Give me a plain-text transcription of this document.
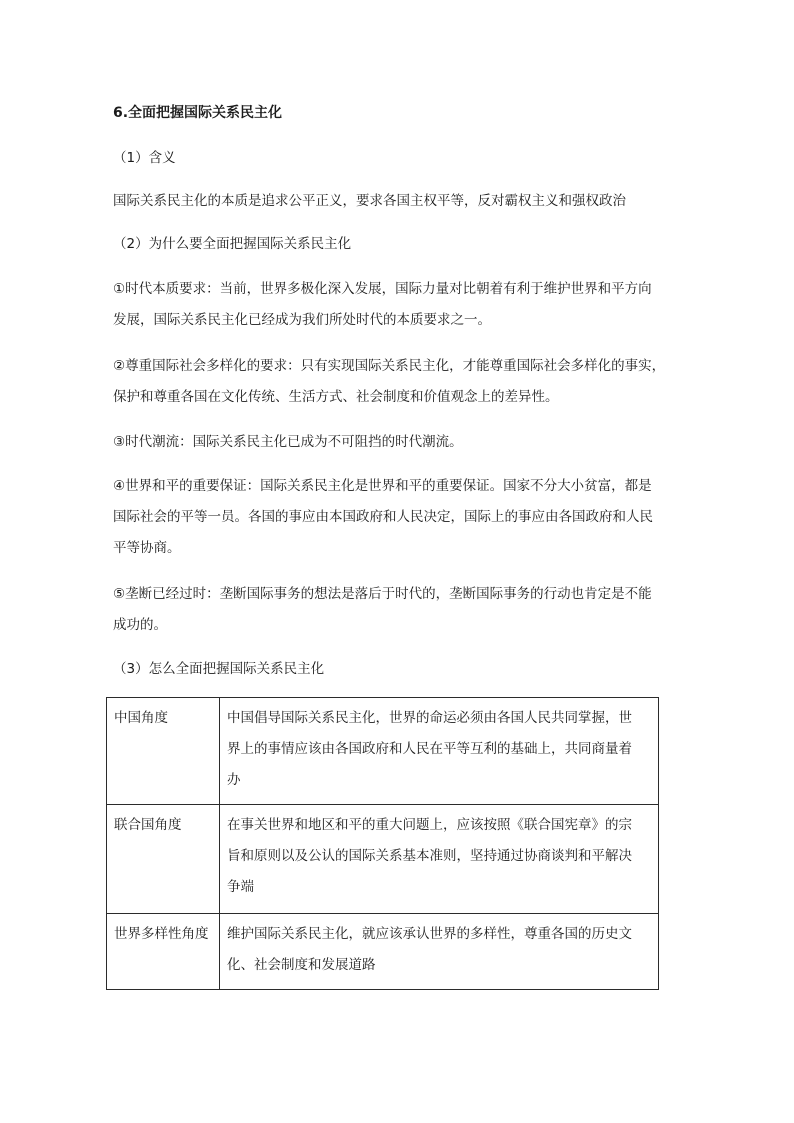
6.全面把握国际关系民主化
（1）含义
国际关系民主化的本质是追求公平正义，要求各国主权平等，反对霸权主义和强权政治
（2）为什么要全面把握国际关系民主化
①时代本质要求：当前，世界多极化深入发展，国际力量对比朝着有利于维护世界和平方向
发展，国际关系民主化已经成为我们所处时代的本质要求之一。
②尊重国际社会多样化的要求：只有实现国际关系民主化，才能尊重国际社会多样化的事实，
保护和尊重各国在文化传统、生活方式、社会制度和价值观念上的差异性。
③时代潮流：国际关系民主化已成为不可阻挡的时代潮流。
④世界和平的重要保证：国际关系民主化是世界和平的重要保证。国家不分大小贫富，都是
国际社会的平等一员。各国的事应由本国政府和人民决定，国际上的事应由各国政府和人民
平等协商。
⑤垄断已经过时：垄断国际事务的想法是落后于时代的，垄断国际事务的行动也肯定是不能
成功的。
（3）怎么全面把握国际关系民主化
中国角度	中国倡导国际关系民主化，世界的命运必须由各国人民共同掌握，世
界上的事情应该由各国政府和人民在平等互利的基础上，共同商量着
办

联合国角度	在事关世界和地区和平的重大问题上，应该按照《联合国宪章》的宗
旨和原则以及公认的国际关系基本准则，坚持通过协商谈判和平解决
争端

世界多样性角度	维护国际关系民主化，就应该承认世界的多样性，尊重各国的历史文
化、社会制度和发展道路
